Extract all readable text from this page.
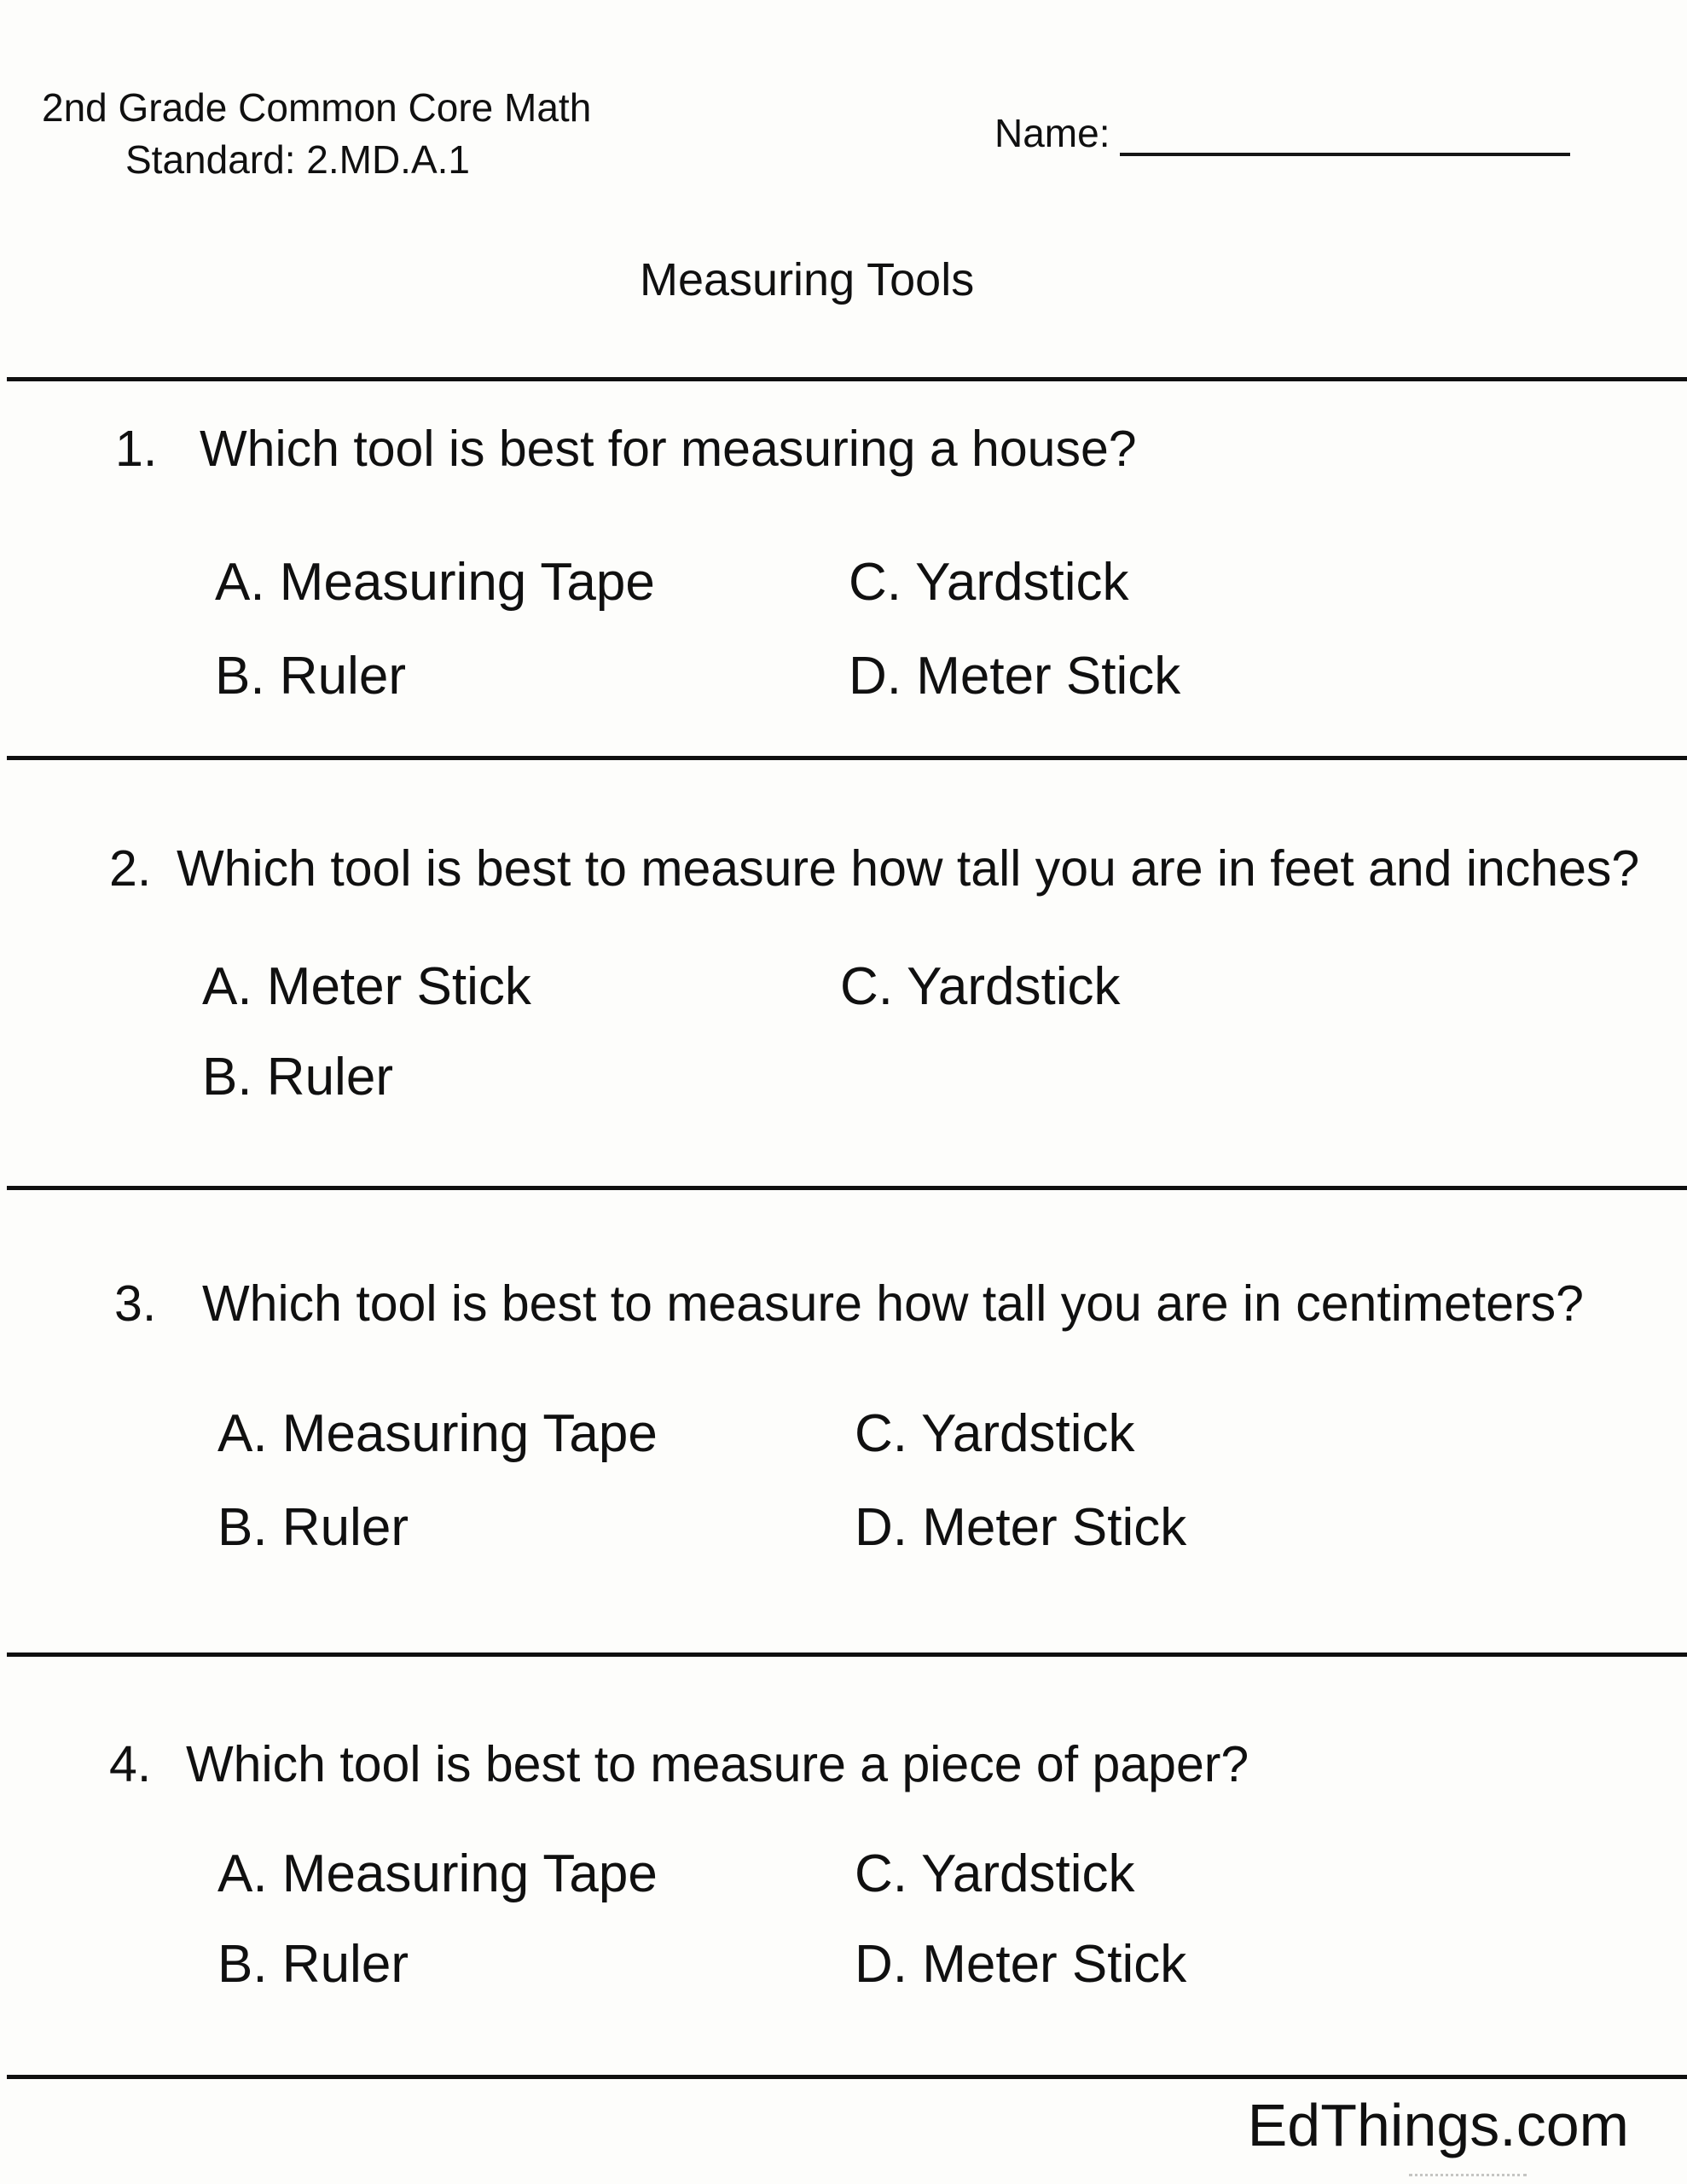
2nd Grade Common Core Math
Standard: 2.MD.A.1
Name:
Measuring Tools
1. Which tool is best for measuring a house?
A. Measuring Tape	C. Yardstick
B. Ruler	D. Meter Stick
2. Which tool is best to measure how tall you are in feet and inches?
A. Meter Stick	C. Yardstick
B. Ruler
3. Which tool is best to measure how tall you are in centimeters?
A. Measuring Tape	C. Yardstick
B. Ruler	D. Meter Stick
4. Which tool is best to measure a piece of paper?
A. Measuring Tape	C. Yardstick
B. Ruler	D. Meter Stick
EdThings.com
